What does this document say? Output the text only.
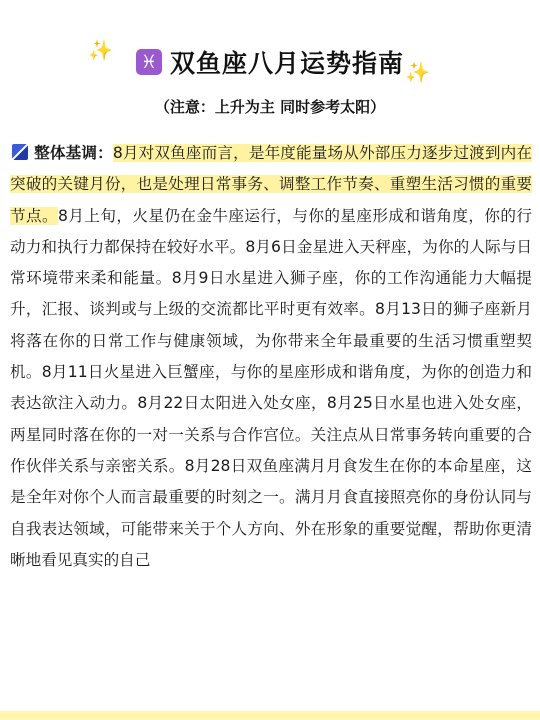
✨ ♓ 双鱼座八月运势指南 ✨
（注意：上升为主 同时参考太阳）
整体基调：8月对双鱼座而言，是年度能量场从外部压力逐步过渡到内在突破的关键月份，也是处理日常事务、调整工作节奏、重塑生活习惯的重要节点。8月上旬，火星仍在金牛座运行，与你的星座形成和谐角度，你的行动力和执行力都保持在较好水平。8月6日金星进入天秤座，为你的人际与日常环境带来柔和能量。8月9日水星进入狮子座，你的工作沟通能力大幅提升，汇报、谈判或与上级的交流都比平时更有效率。8月13日的狮子座新月将落在你的日常工作与健康领域，为你带来全年最重要的生活习惯重塑契机。8月11日火星进入巨蟹座，与你的星座形成和谐角度，为你的创造力和表达欲注入动力。8月22日太阳进入处女座，8月25日水星也进入处女座，两星同时落在你的一对一关系与合作宫位。关注点从日常事务转向重要的合作伙伴关系与亲密关系。8月28日双鱼座满月月食发生在你的本命星座，这是全年对你个人而言最重要的时刻之一。满月月食直接照亮你的身份认同与自我表达领域，可能带来关于个人方向、外在形象的重要觉醒，帮助你更清晰地看见真实的自己
